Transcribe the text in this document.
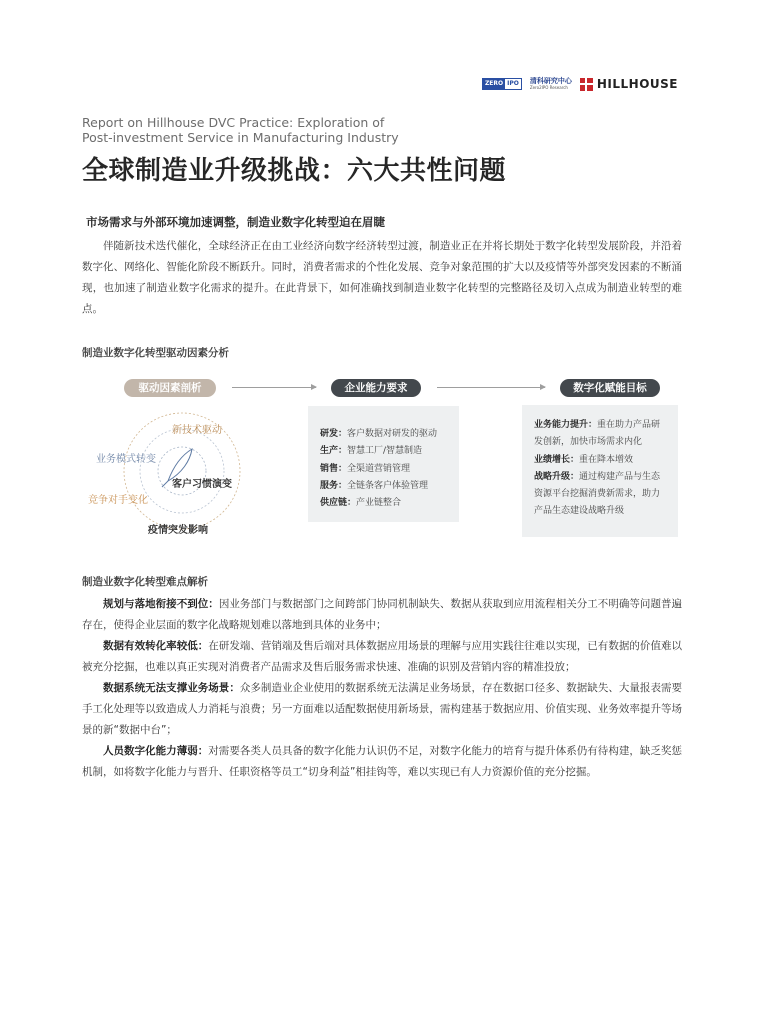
ZERO IPO 清科研究中心
Zero2IPO Research	HILLHOUSE
Report on Hillhouse DVC Practice: Exploration of
Post-investment Service in Manufacturing Industry
全球制造业升级挑战：六大共性问题
市场需求与外部环境加速调整，制造业数字化转型迫在眉睫
伴随新技术迭代催化，全球经济正在由工业经济向数字经济转型过渡，制造业正在并将长期处于数字化转型发展阶段，并沿着数字化、网络化、智能化阶段不断跃升。同时，消费者需求的个性化发展、竞争对象范围的扩大以及疫情等外部突发因素的不断涌现，也加速了制造业数字化需求的提升。在此背景下，如何准确找到制造业数字化转型的完整路径及切入点成为制造业转型的难点。
制造业数字化转型驱动因素分析
驱动因素剖析	企业能力要求	数字化赋能目标
新技术驱动
业务模式转变
客户习惯演变
竞争对手变化
疫情突发影响
研发：客户数据对研发的驱动
生产：智慧工厂/智慧制造
销售：全渠道营销管理
服务：全链条客户体验管理
供应链：产业链整合
业务能力提升：重在助力产品研发创新，加快市场需求内化
业绩增长：重在降本增效
战略升级：通过构建产品与生态资源平台挖掘消费新需求，助力产品生态建设战略升级
制造业数字化转型难点解析

规划与落地衔接不到位：因业务部门与数据部门之间跨部门协同机制缺失、数据从获取到应用流程相关分工不明确等问题普遍存在，使得企业层面的数字化战略规划难以落地到具体的业务中；

数据有效转化率较低：在研发端、营销端及售后端对具体数据应用场景的理解与应用实践往往难以实现，已有数据的价值难以被充分挖掘，也难以真正实现对消费者产品需求及售后服务需求快速、准确的识别及营销内容的精准投放；

数据系统无法支撑业务场景：众多制造业企业使用的数据系统无法满足业务场景，存在数据口径多、数据缺失、大量报表需要手工化处理等以致造成人力消耗与浪费；另一方面难以适配数据使用新场景，需构建基于数据应用、价值实现、业务效率提升等场景的新“数据中台”；

人员数字化能力薄弱：对需要各类人员具备的数字化能力认识仍不足，对数字化能力的培育与提升体系仍有待构建，缺乏奖惩机制，如将数字化能力与晋升、任职资格等员工“切身利益”相挂钩等，难以实现已有人力资源价值的充分挖掘。
